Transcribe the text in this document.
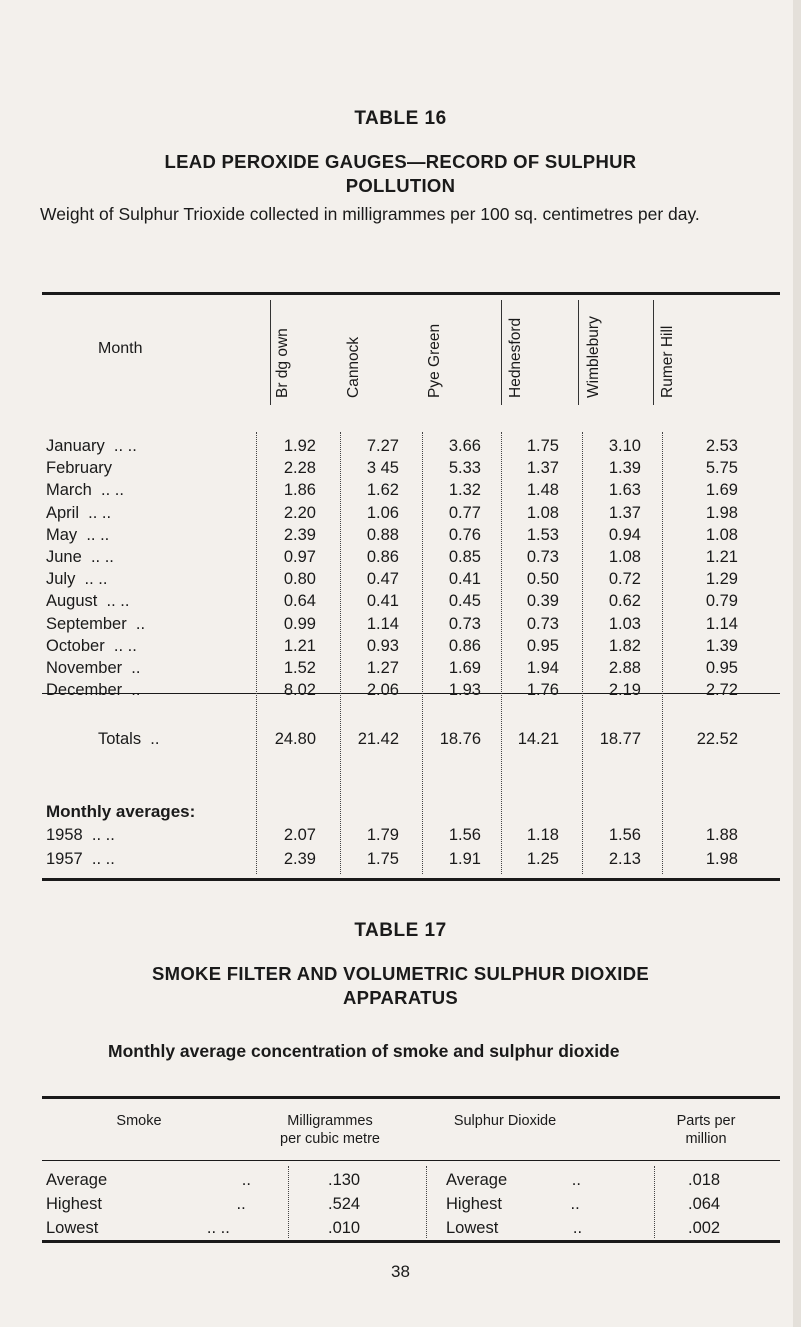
TABLE 16
LEAD PEROXIDE GAUGES—RECORD OF SULPHUR POLLUTION
Weight of Sulphur Trioxide collected in milligrammes per 100 sq. centimetres per day.
Month	Br dg own	Cannock	Pye Green	Hednesford	Wimblebury	Rumer Hill
January  .. ..	1.92	7.27	3.66	1.75	3.10	2.53
February	2.28	3 45	5.33	1.37	1.39	5.75
March  .. ..	1.86	1.62	1.32	1.48	1.63	1.69
April  .. ..	2.20	1.06	0.77	1.08	1.37	1.98
May  .. ..	2.39	0.88	0.76	1.53	0.94	1.08
June  .. ..	0.97	0.86	0.85	0.73	1.08	1.21
July  .. ..	0.80	0.47	0.41	0.50	0.72	1.29
August  .. ..	0.64	0.41	0.45	0.39	0.62	0.79
September  ..	0.99	1.14	0.73	0.73	1.03	1.14
October  .. ..	1.21	0.93	0.86	0.95	1.82	1.39
November  ..	1.52	1.27	1.69	1.94	2.88	0.95
December  ..	8.02	2.06	1.93	1.76	2.19	2.72
Totals  ..	24.80	21.42	18.76	14.21	18.77	22.52
Monthly averages:
1958  .. ..	2.07	1.79	1.56	1.18	1.56	1.88
1957  .. ..	2.39	1.75	1.91	1.25	2.13	1.98
TABLE 17
SMOKE FILTER AND VOLUMETRIC SULPHUR DIOXIDE APPARATUS
Monthly average concentration of smoke and sulphur dioxide
Smoke	Milligrammes
per cubic metre
Sulphur Dioxide	Parts per
million
Average	..	.130	Average	..	.018
Highest	..	.524	Highest	..	.064
Lowest	.. ..	.010	Lowest	..	.002
38
